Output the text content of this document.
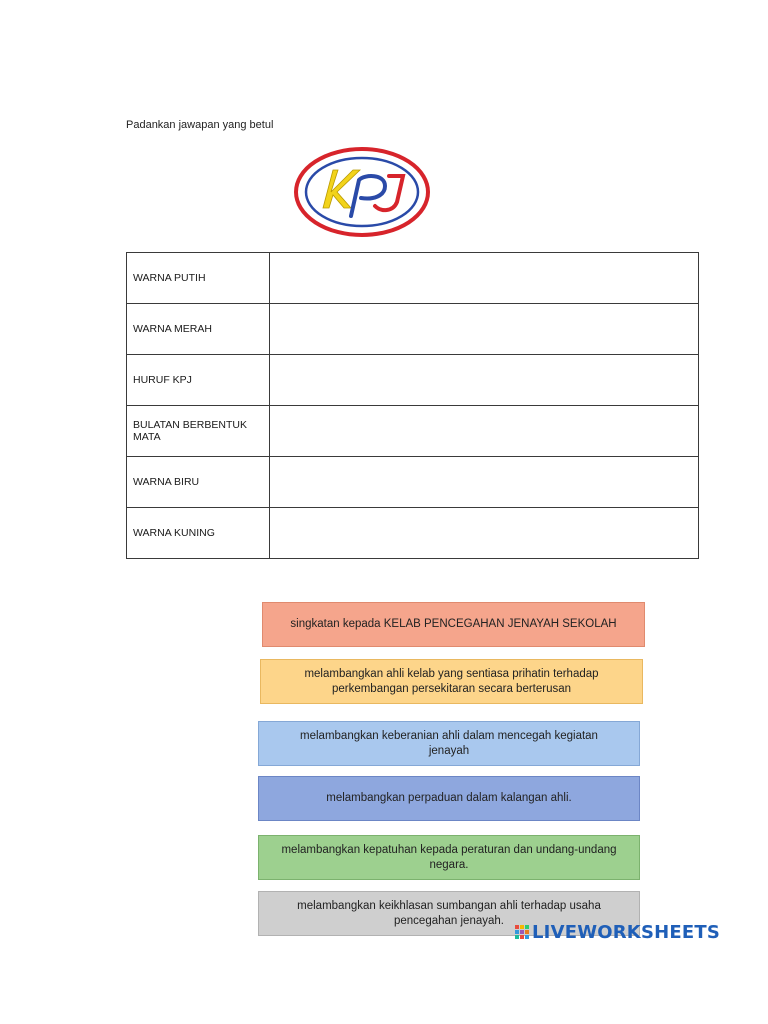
Padankan jawapan yang betul
WARNA PUTIH	
WARNA MERAH	
HURUF KPJ	
BULATAN BERBENTUK MATA	
WARNA BIRU	
WARNA KUNING	
singkatan kepada KELAB PENCEGAHAN JENAYAH SEKOLAH
melambangkan ahli kelab yang sentiasa prihatin terhadap perkembangan persekitaran secara berterusan
melambangkan keberanian ahli dalam mencegah kegiatan jenayah
melambangkan perpaduan dalam kalangan ahli.
melambangkan kepatuhan kepada peraturan dan undang-undang negara.
melambangkan keikhlasan sumbangan ahli terhadap usaha pencegahan jenayah.
LIVEWORKSHEETS
